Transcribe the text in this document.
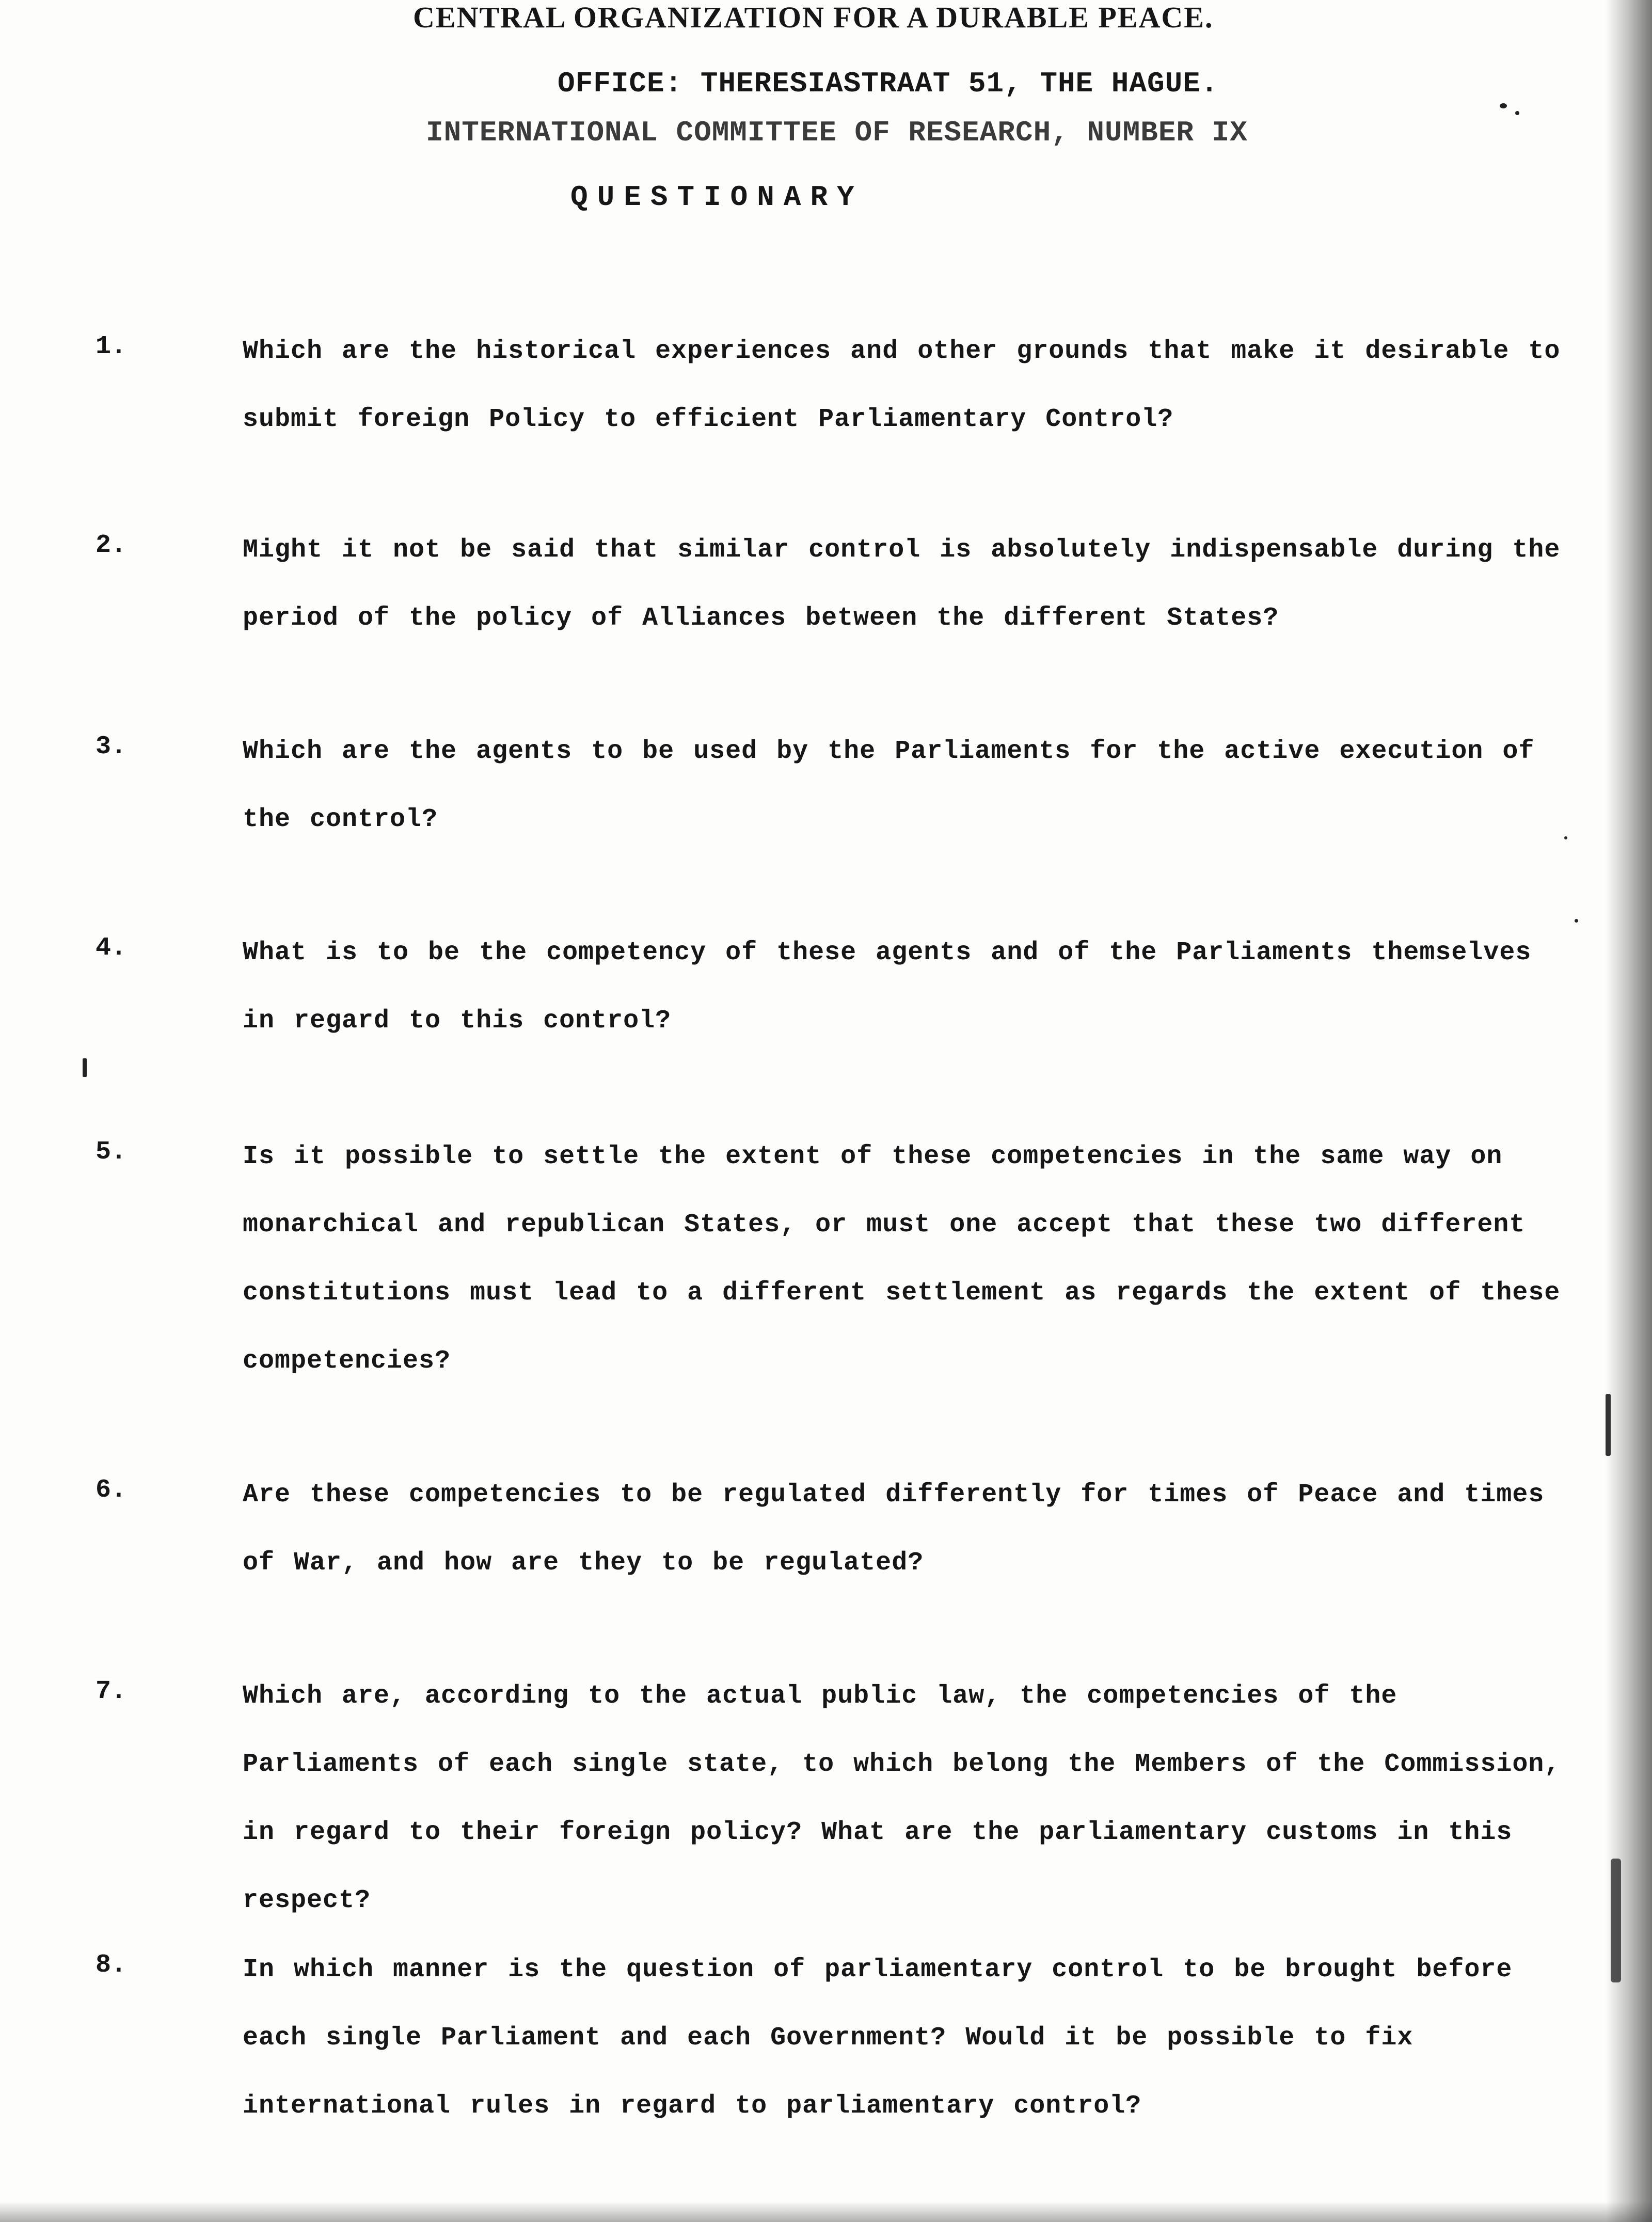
CENTRAL ORGANIZATION FOR A DURABLE PEACE.
OFFICE: THERESIASTRAAT 51, THE HAGUE.
INTERNATIONAL COMMITTEE OF RESEARCH, NUMBER IX
QUESTIONARY
1.	Which are the historical experiences and other grounds that make it desirable to submit foreign Policy to efficient Parliamentary Control?
2.	Might it not be said that similar control is absolutely indispensable during the period of the policy of Alliances between the different States?
3.	Which are the agents to be used by the Parliaments for the active execution of the control?
4.	What is to be the competency of these agents and of the Parliaments themselves in regard to this control?
5.	Is it possible to settle the extent of these competencies in the same way on monarchical and republican States, or must one accept that these two different constitutions must lead to a different settlement as regards the extent of these competencies?
6.	Are these competencies to be regulated differently for times of Peace and times of War, and how are they to be regulated?
7.	Which are, according to the actual public law, the competencies of the Parliaments of each single state, to which belong the Members of the Commission, in regard to their foreign policy? What are the parliamentary customs in this respect?
8.	In which manner is the question of parliamentary control to be brought before each single Parliament and each Government? Would it be possible to fix international rules in regard to parliamentary control?
